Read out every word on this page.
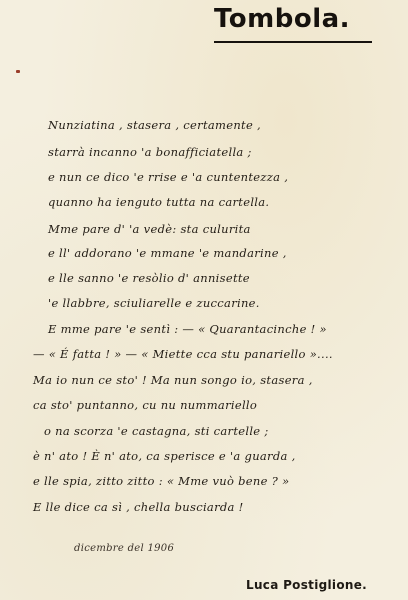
Tombola.
Nunziatina , stasera , certamente ,
starrà incanno 'a bonafficiatella ;
e nun ce dico 'e rrise e 'a cuntentezza ,
quanno ha ienguto tutta na cartella.
Mme pare d' 'a vedè: sta culurita
e ll' addorano 'e mmane 'e mandarine ,
e lle sanno 'e resòlio d' annisette
'e llabbre, sciuliarelle e zuccarine.
E mme pare 'e sentì : — « Quarantacinche ! »
— « É fatta ! » — « Miette cca stu panariello »....
Ma io nun ce sto' ! Ma nun songo io, stasera ,
ca sto' puntanno, cu nu nummariello
o na scorza 'e castagna, sti cartelle ;
è n' ato ! È n' ato, ca sperisce e 'a guarda ,
e lle spia, zitto zitto : « Mme vuò bene ? »
E lle dice ca sì , chella busciarda !
dicembre del 1906
Luca Postiglione.
